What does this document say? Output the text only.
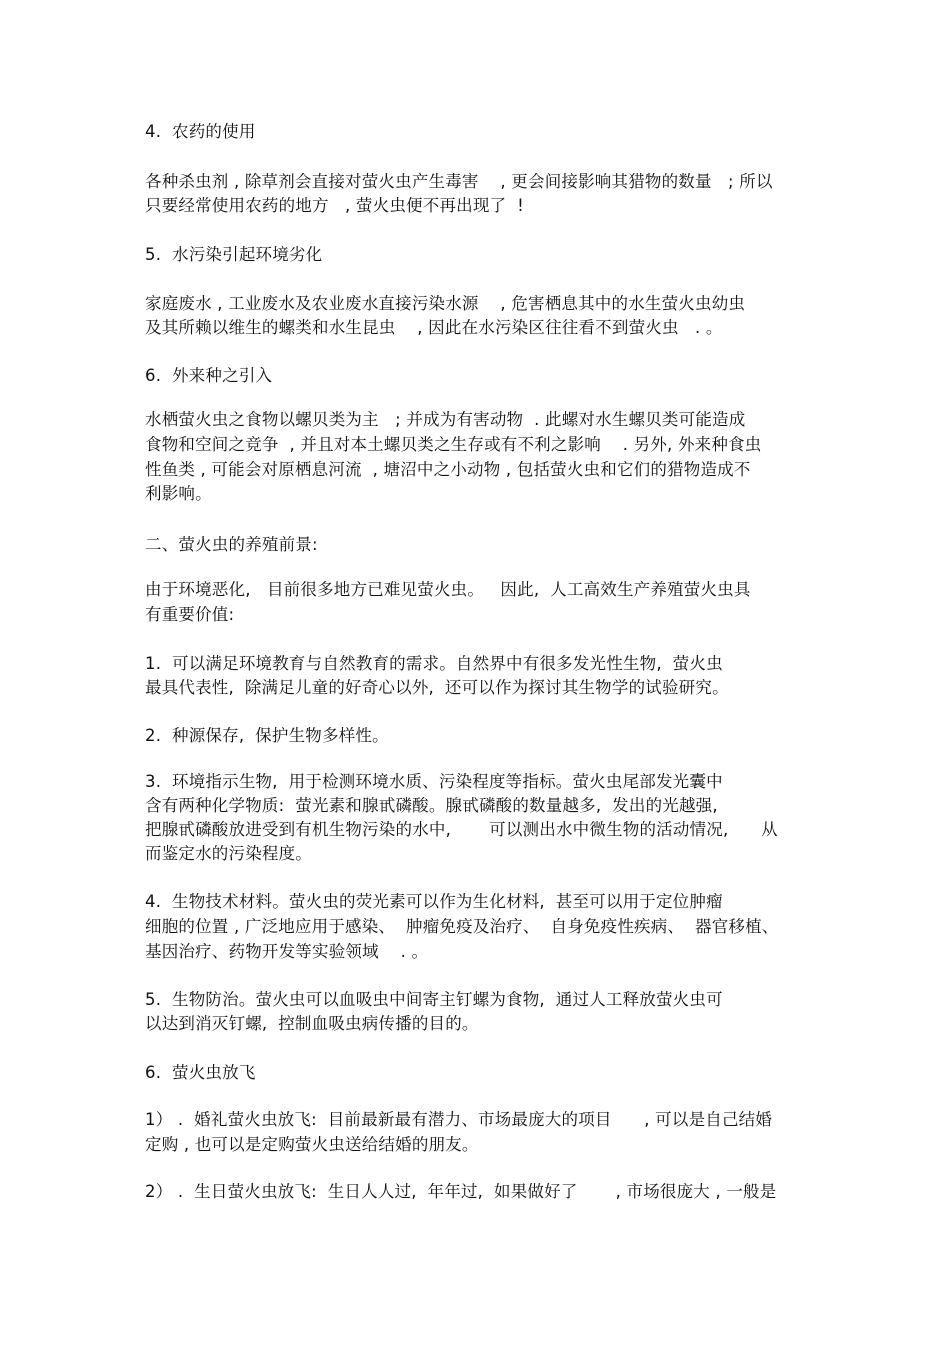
4.  农药的使用
各种杀虫剂 , 除草剂会直接对萤火虫产生毒害    , 更会间接影响其猎物的数量   ; 所以
只要经常使用农药的地方   , 萤火虫便不再出现了  !
5.  水污染引起环境劣化
家庭废水 , 工业废水及农业废水直接污染水源    , 危害栖息其中的水生萤火虫幼虫
及其所赖以维生的螺类和水生昆虫    , 因此在水污染区往往看不到萤火虫   . 。
6.  外来种之引入
水栖萤火虫之食物以螺贝类为主   ; 并成为有害动物  . 此螺对水生螺贝类可能造成
食物和空间之竞争  , 并且对本土螺贝类之生存或有不利之影响    . 另外, 外来种食虫
性鱼类 , 可能会对原栖息河流  , 塘沼中之小动物 , 包括萤火虫和它们的猎物造成不
利影响。
二、萤火虫的养殖前景:
由于环境恶化,   目前很多地方已难见萤火虫。   因此,  人工高效生产养殖萤火虫具
有重要价值:
1.  可以满足环境教育与自然教育的需求。自然界中有很多发光性生物,  萤火虫
最具代表性,  除满足儿童的好奇心以外,  还可以作为探讨其生物学的试验研究。
2.  种源保存,  保护生物多样性。
3.  环境指示生物,  用于检测环境水质、污染程度等指标。萤火虫尾部发光囊中
含有两种化学物质:  萤光素和腺甙磷酸。腺甙磷酸的数量越多,  发出的光越强,
把腺甙磷酸放进受到有机生物污染的水中,       可以测出水中微生物的活动情况,      从
而鉴定水的污染程度。
4.  生物技术材料。萤火虫的荧光素可以作为生化材料,  甚至可以用于定位肿瘤
细胞的位置 , 广泛地应用于感染、  肿瘤免疫及治疗、  自身免疫性疾病、  器官移植、
基因治疗、药物开发等实验领域    . 。
5.  生物防治。萤火虫可以血吸虫中间寄主钉螺为食物,  通过人工释放萤火虫可
以达到消灭钉螺,  控制血吸虫病传播的目的。
6.  萤火虫放飞
1） .  婚礼萤火虫放飞:  目前最新最有潜力、市场最庞大的项目      , 可以是自己结婚
定购 , 也可以是定购萤火虫送给结婚的朋友。
2） .  生日萤火虫放飞:  生日人人过,  年年过,  如果做好了       , 市场很庞大 , 一般是
